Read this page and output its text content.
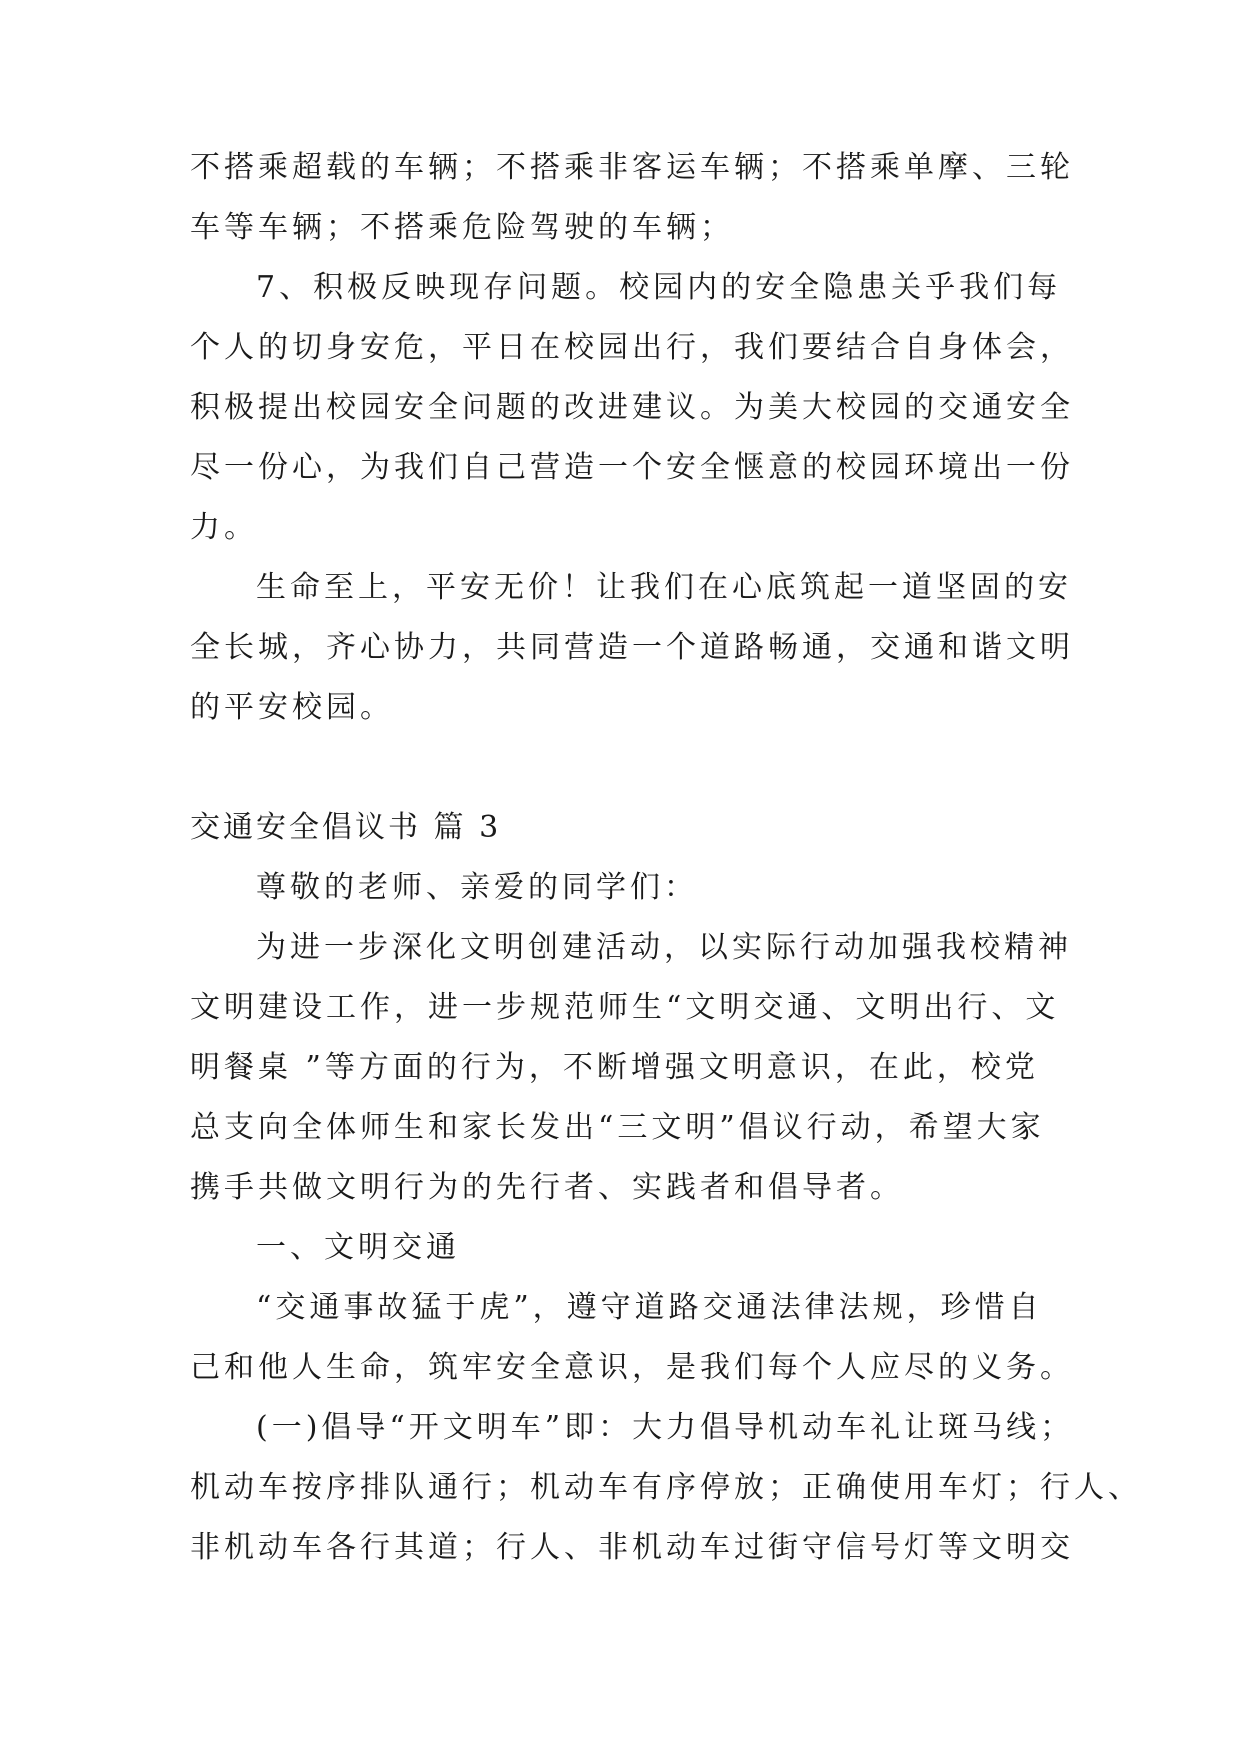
不搭乘超载的车辆；不搭乘非客运车辆；不搭乘单摩、三轮
车等车辆；不搭乘危险驾驶的车辆；
7、积极反映现存问题。校园内的安全隐患关乎我们每
个人的切身安危，平日在校园出行，我们要结合自身体会，
积极提出校园安全问题的改进建议。为美大校园的交通安全
尽一份心，为我们自己营造一个安全惬意的校园环境出一份
力。
生命至上，平安无价！让我们在心底筑起一道坚固的安
全长城，齐心协力，共同营造一个道路畅通，交通和谐文明
的平安校园。
交通安全倡议书 篇 3
尊敬的老师、亲爱的同学们：
为进一步深化文明创建活动，以实际行动加强我校精神
文明建设工作，进一步规范师生“文明交通、文明出行、文
明餐桌 ”等方面的行为，不断增强文明意识，在此，校党
总支向全体师生和家长发出“三文明”倡议行动，希望大家
携手共做文明行为的先行者、实践者和倡导者。
一、文明交通
“交通事故猛于虎”，遵守道路交通法律法规，珍惜自
己和他人生命，筑牢安全意识，是我们每个人应尽的义务。
(一)倡导“开文明车”即：大力倡导机动车礼让斑马线；
机动车按序排队通行；机动车有序停放；正确使用车灯；行人、
非机动车各行其道；行人、非机动车过街守信号灯等文明交
